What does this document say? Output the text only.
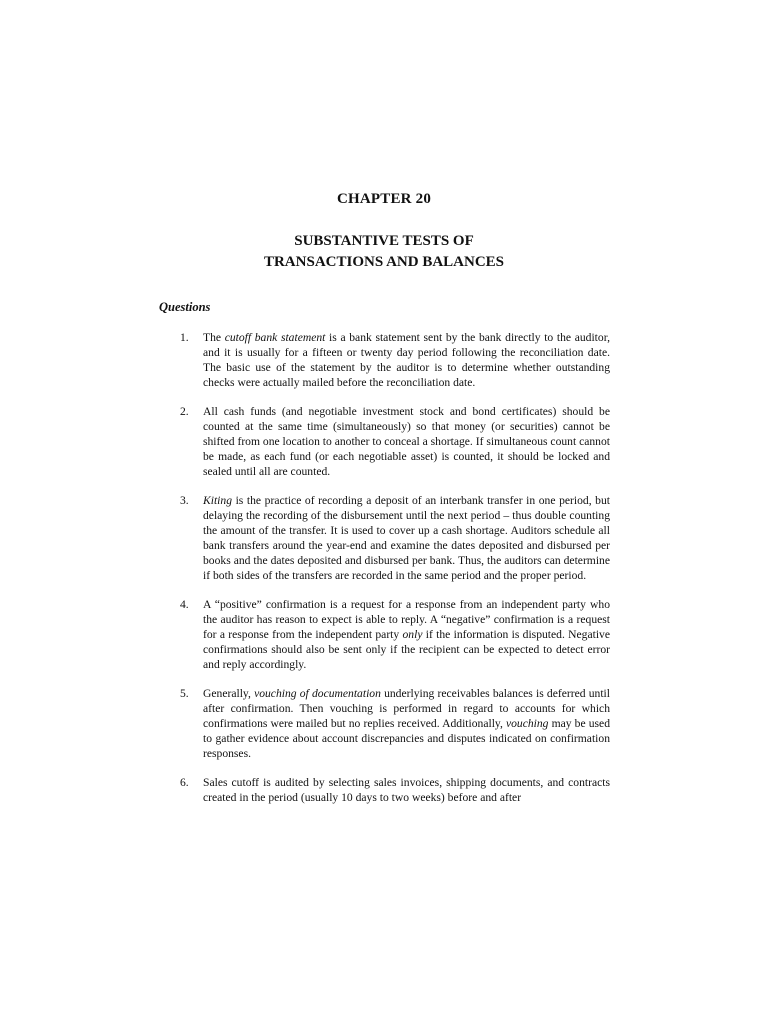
CHAPTER 20
SUBSTANTIVE TESTS OF
TRANSACTIONS AND BALANCES
Questions
1. The cutoff bank statement is a bank statement sent by the bank directly to the auditor, and it is usually for a fifteen or twenty day period following the reconciliation date. The basic use of the statement by the auditor is to determine whether outstanding checks were actually mailed before the reconciliation date.
2. All cash funds (and negotiable investment stock and bond certificates) should be counted at the same time (simultaneously) so that money (or securities) cannot be shifted from one location to another to conceal a shortage. If simultaneous count cannot be made, as each fund (or each negotiable asset) is counted, it should be locked and sealed until all are counted.
3. Kiting is the practice of recording a deposit of an interbank transfer in one period, but delaying the recording of the disbursement until the next period – thus double counting the amount of the transfer. It is used to cover up a cash shortage. Auditors schedule all bank transfers around the year-end and examine the dates deposited and disbursed per books and the dates deposited and disbursed per bank. Thus, the auditors can determine if both sides of the transfers are recorded in the same period and the proper period.
4. A “positive” confirmation is a request for a response from an independent party who the auditor has reason to expect is able to reply. A “negative” confirmation is a request for a response from the independent party only if the information is disputed. Negative confirmations should also be sent only if the recipient can be expected to detect error and reply accordingly.
5. Generally, vouching of documentation underlying receivables balances is deferred until after confirmation. Then vouching is performed in regard to accounts for which confirmations were mailed but no replies received. Additionally, vouching may be used to gather evidence about account discrepancies and disputes indicated on confirmation responses.
6. Sales cutoff is audited by selecting sales invoices, shipping documents, and contracts created in the period (usually 10 days to two weeks) before and after
